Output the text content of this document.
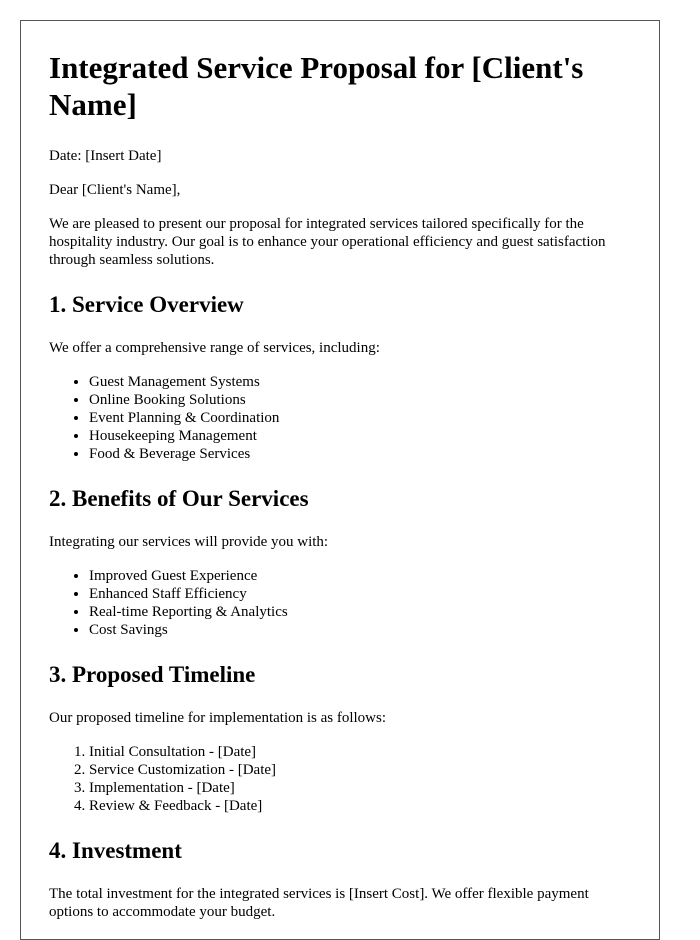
Integrated Service Proposal for [Client's Name]

Date: [Insert Date]

Dear [Client's Name],

We are pleased to present our proposal for integrated services tailored specifically for the hospitality industry. Our goal is to enhance your operational efficiency and guest satisfaction through seamless solutions.

1. Service Overview

We offer a comprehensive range of services, including:

• Guest Management Systems
• Online Booking Solutions
• Event Planning & Coordination
• Housekeeping Management
• Food & Beverage Services
2. Benefits of Our Services

Integrating our services will provide you with:

• Improved Guest Experience
• Enhanced Staff Efficiency
• Real-time Reporting & Analytics
• Cost Savings
3. Proposed Timeline

Our proposed timeline for implementation is as follows:

1. Initial Consultation - [Date]
2. Service Customization - [Date]
3. Implementation - [Date]
4. Review & Feedback - [Date]
4. Investment

The total investment for the integrated services is [Insert Cost]. We offer flexible payment options to accommodate your budget.
